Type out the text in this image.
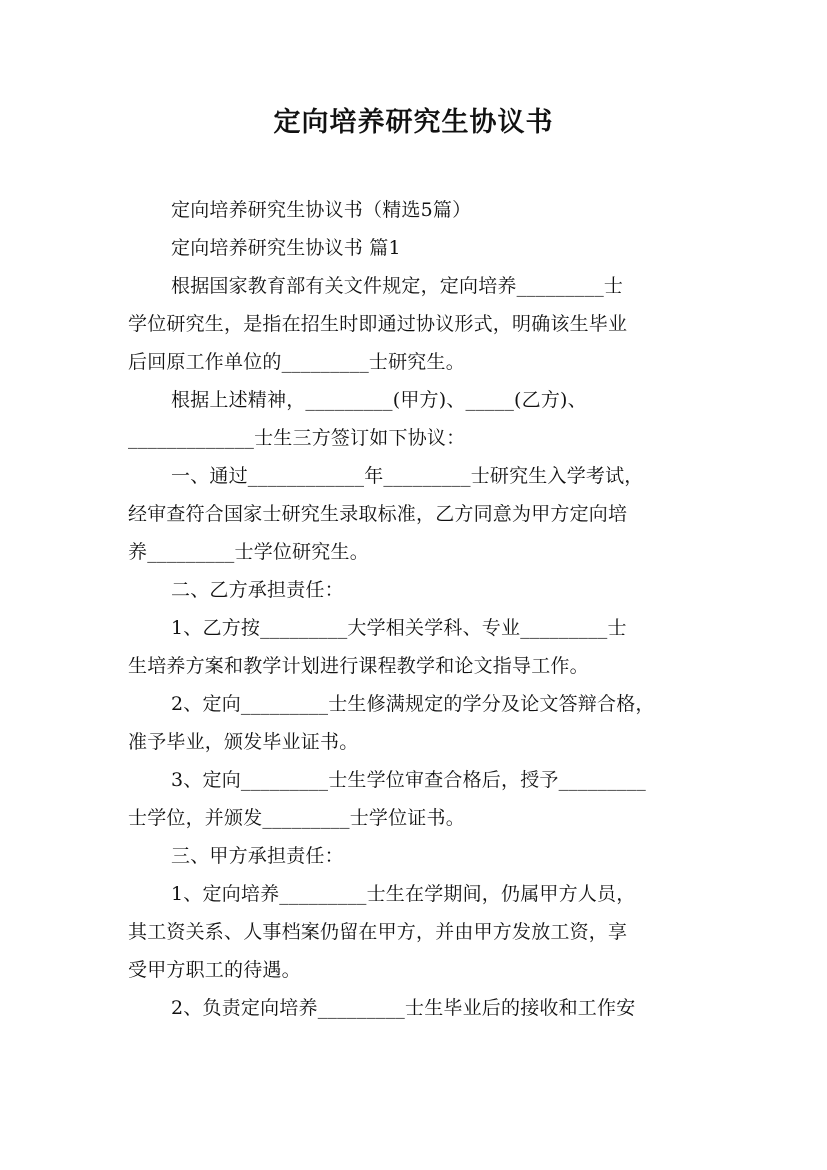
定向培养研究生协议书
定向培养研究生协议书（精选5篇）
定向培养研究生协议书 篇1
根据国家教育部有关文件规定，定向培养_________士
学位研究生，是指在招生时即通过协议形式，明确该生毕业
后回原工作单位的_________士研究生。
根据上述精神，_________(甲方)、_____(乙方)、
_____________士生三方签订如下协议：
一、通过____________年_________士研究生入学考试，
经审查符合国家士研究生录取标准，乙方同意为甲方定向培
养_________士学位研究生。
二、乙方承担责任：
1、乙方按_________大学相关学科、专业_________士
生培养方案和教学计划进行课程教学和论文指导工作。
2、定向_________士生修满规定的学分及论文答辩合格，
准予毕业，颁发毕业证书。
3、定向_________士生学位审查合格后，授予_________
士学位，并颁发_________士学位证书。
三、甲方承担责任：
1、定向培养_________士生在学期间，仍属甲方人员，
其工资关系、人事档案仍留在甲方，并由甲方发放工资，享
受甲方职工的待遇。
2、负责定向培养_________士生毕业后的接收和工作安
